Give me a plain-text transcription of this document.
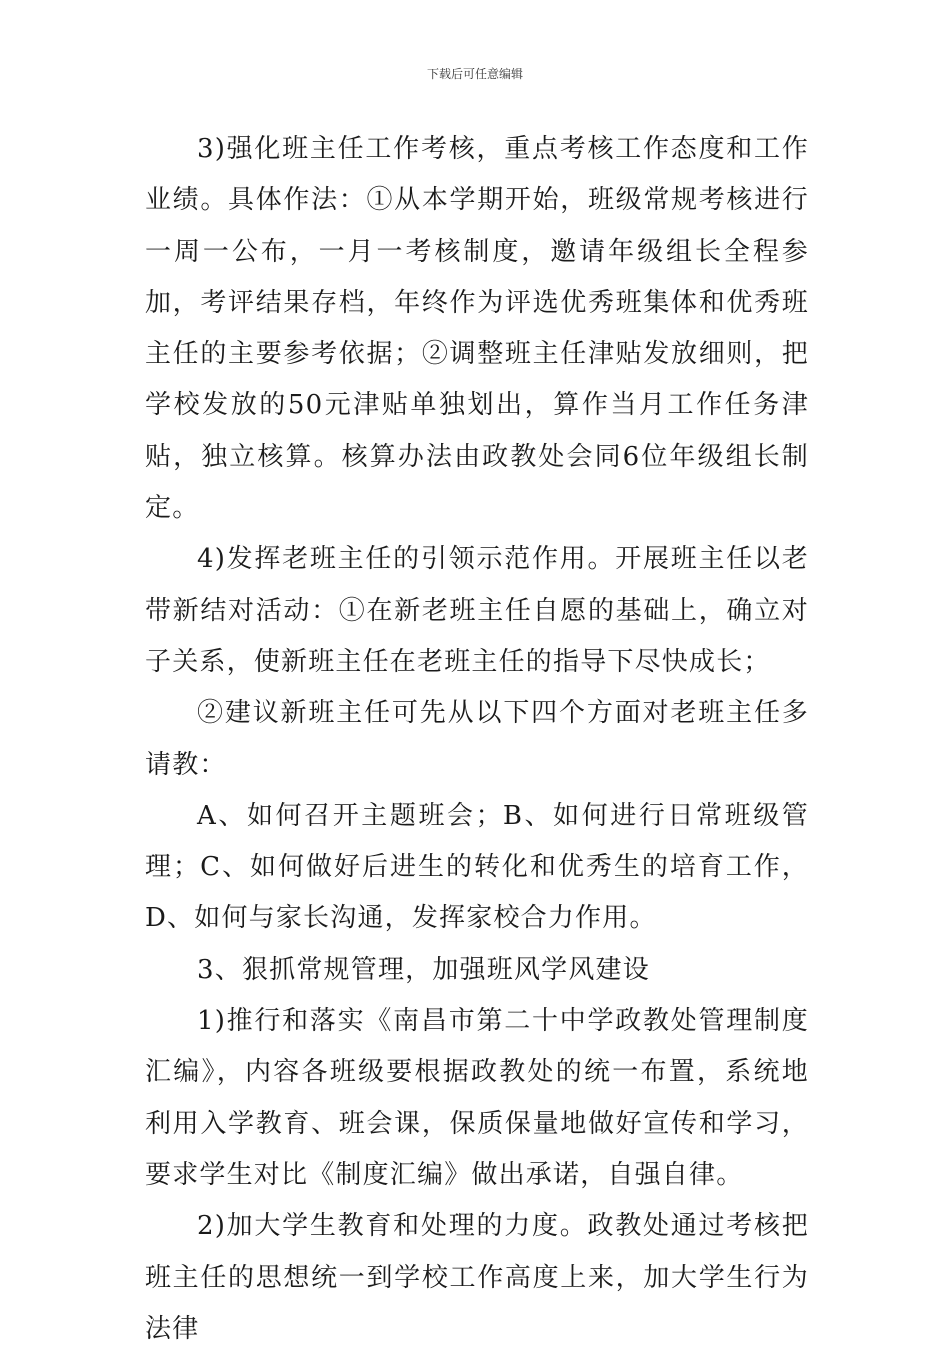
下载后可任意编辑

3)强化班主任工作考核，重点考核工作态度和工作业绩。具体作法：①从本学期开始，班级常规考核进行一周一公布，一月一考核制度，邀请年级组长全程参加，考评结果存档，年终作为评选优秀班集体和优秀班主任的主要参考依据；②调整班主任津贴发放细则，把学校发放的50元津贴单独划出，算作当月工作任务津贴，独立核算。核算办法由政教处会同6位年级组长制定。

4)发挥老班主任的引领示范作用。开展班主任以老带新结对活动：①在新老班主任自愿的基础上，确立对子关系，使新班主任在老班主任的指导下尽快成长；

②建议新班主任可先从以下四个方面对老班主任多请教：

A、如何召开主题班会；B、如何进行日常班级管理；C、如何做好后进生的转化和优秀生的培育工作，D、如何与家长沟通，发挥家校合力作用。

3、狠抓常规管理，加强班风学风建设

1)推行和落实《南昌市第二十中学政教处管理制度汇编》，内容各班级要根据政教处的统一布置，系统地利用入学教育、班会课，保质保量地做好宣传和学习，要求学生对比《制度汇编》做出承诺，自强自律。

2)加大学生教育和处理的力度。政教处通过考核把班主任的思想统一到学校工作高度上来，加大学生行为法律
